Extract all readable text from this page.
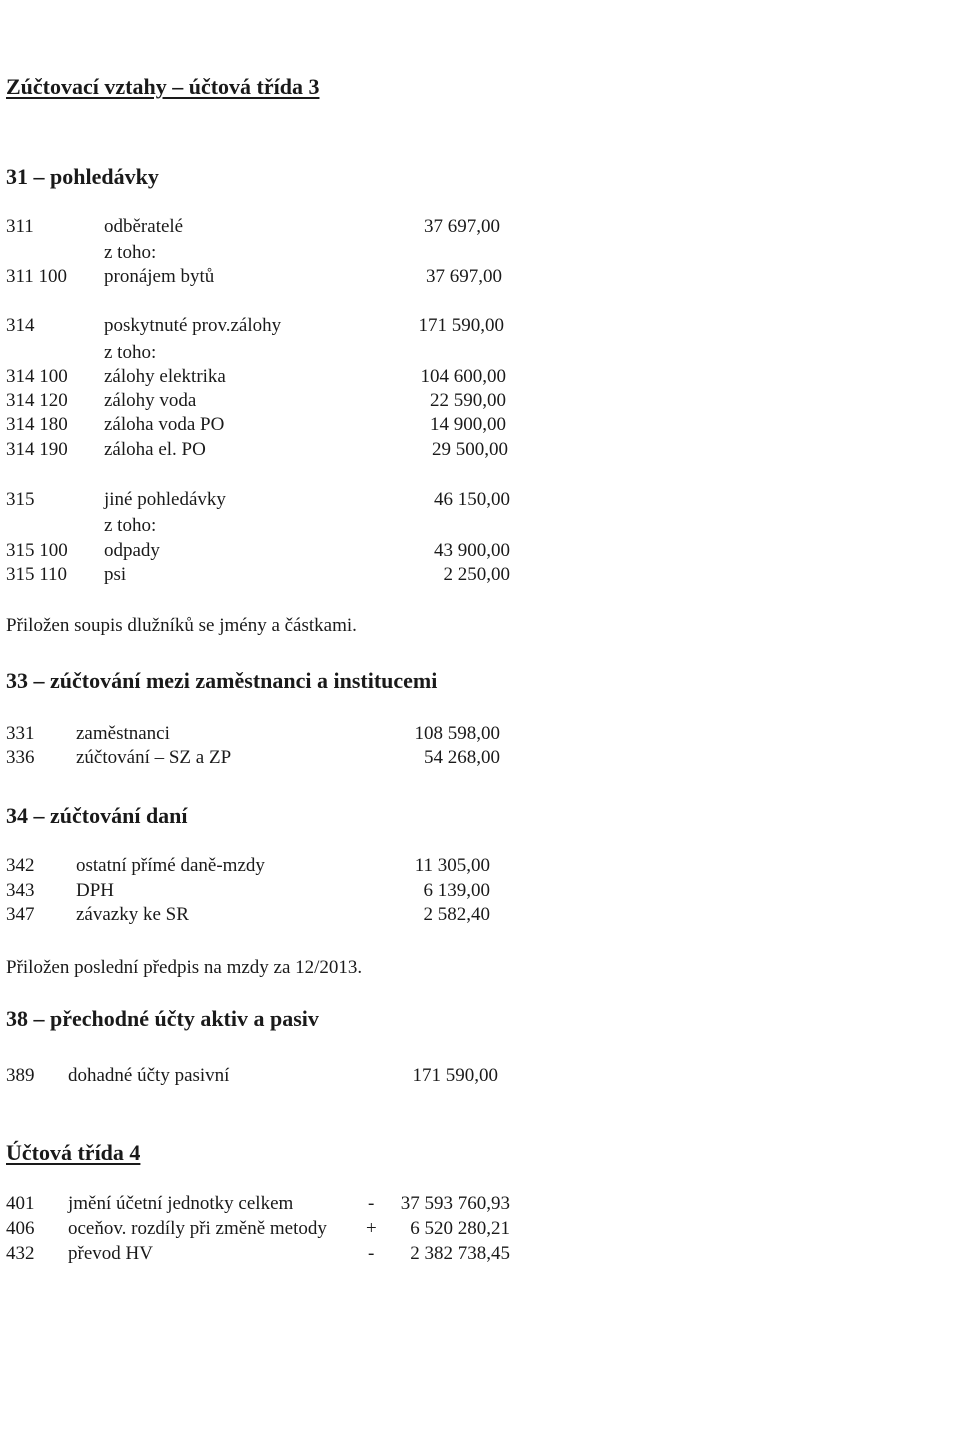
Zúčtovací vztahy – účtová třída 3
31 – pohledávky
311	odběratelé	37 697,00
z toho:
311 100 pronájem bytů	37 697,00
314	poskytnuté prov.zálohy	171 590,00
z toho:
314 100 zálohy elektrika	104 600,00
314 120 zálohy voda	22 590,00
314 180 záloha voda PO	14 900,00
314 190 záloha el. PO	29 500,00
315	jiné pohledávky	46 150,00
z toho:
315 100 odpady	43 900,00
315 110 psi	2 250,00
Přiložen soupis dlužníků se jmény a částkami.
33 – zúčtování mezi zaměstnanci a institucemi
331 zaměstnanci	108 598,00
336 zúčtování – SZ a ZP	54 268,00
34 – zúčtování daní
342 ostatní přímé daně-mzdy	11 305,00
343 DPH	6 139,00
347 závazky ke SR	2 582,40
Přiložen poslední předpis na mzdy za 12/2013.
38 – přechodné účty aktiv a pasiv
389 dohadné účty pasivní	171 590,00
Účtová třída 4
401 jmění účetní jednotky celkem	-	37 593 760,93
406 oceňov. rozdíly při změně metody +	6 520 280,21
432 převod HV	-	2 382 738,45
